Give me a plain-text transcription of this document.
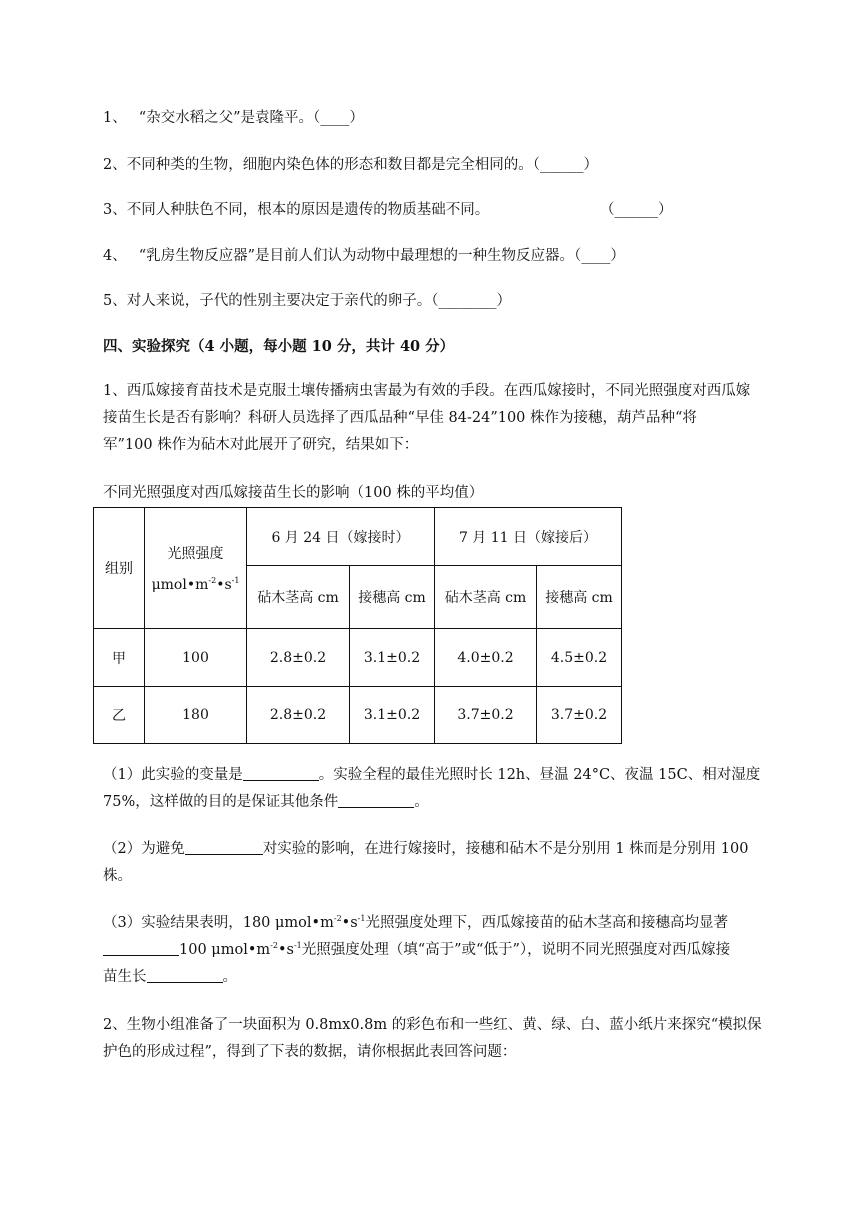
1、 “杂交水稻之父”是袁隆平。（____）
2、不同种类的生物，细胞内染色体的形态和数目都是完全相同的。（______）
3、不同人种肤色不同，根本的原因是遗传的物质基础不同。	（______）
4、 “乳房生物反应器”是目前人们认为动物中最理想的一种生物反应器。（____）
5、对人来说，子代的性别主要决定于亲代的卵子。（________）
四、实验探究（4 小题，每小题 10 分，共计 40 分）
1、西瓜嫁接育苗技术是克服土壤传播病虫害最为有效的手段。在西瓜嫁接时，不同光照强度对西瓜嫁
接苗生长是否有影响？科研人员选择了西瓜品种“早佳 84-24”100 株作为接穗，葫芦品种“将
军”100 株作为砧木对此展开了研究，结果如下：
不同光照强度对西瓜嫁接苗生长的影响（100 株的平均值）
组别	光照强度
$\mu mol•m^{-2}•s^{-1}$	6 月 24 日（嫁接时）		7 月 11 日（嫁接后）	
		砧木茎高 cm	接穗高 cm	砧木茎高 cm	接穗高 cm
甲	100	2.8±0.2	3.1±0.2	4.0±0.2	4.5±0.2
乙	180	2.8±0.2	3.1±0.2	3.7±0.2	3.7±0.2
（1）此实验的变量是	。实验全程的最佳光照时长 12h、昼温 24°C、夜温 15C、相对湿度
75%，这样做的目的是保证其他条件	。
（2）为避免	对实验的影响，在进行嫁接时，接穗和砧木不是分别用 1 株而是分别用 100
株。
（3）实验结果表明，180 $\mu mol•m^{-2}•s^{-1}$光照强度处理下，西瓜嫁接苗的砧木茎高和接穗高均显著
100 $\mu mol•m^{-2}•s^{-1}$光照强度处理（填“高于”或“低于”），说明不同光照强度对西瓜嫁接
苗生长	。
2、生物小组准备了一块面积为 0.8mx0.8m 的彩色布和一些红、黄、绿、白、蓝小纸片来探究“模拟保
护色的形成过程”，得到了下表的数据，请你根据此表回答问题：
